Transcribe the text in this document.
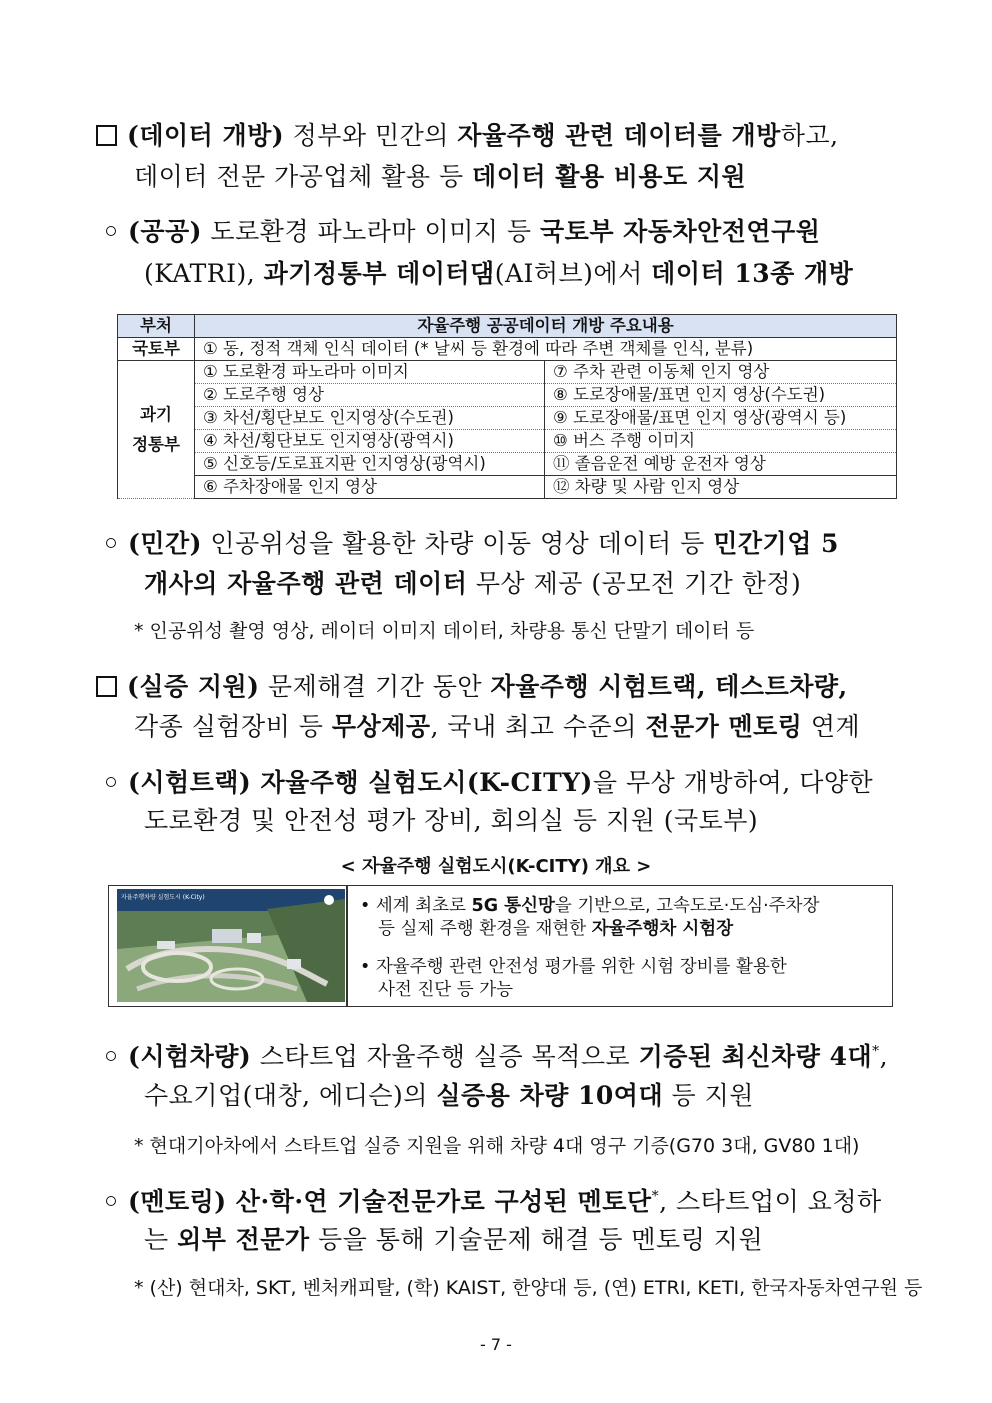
(데이터 개방) 정부와 민간의 자율주행 관련 데이터를 개방하고,
데이터 전문 가공업체 활용 등 데이터 활용 비용도 지원
(공공) 도로환경 파노라마 이미지 등 국토부 자동차안전연구원
(KATRI), 과기정통부 데이터댐(AI허브)에서 데이터 13종 개방
부처	자율주행 공공데이터 개방 주요내용	
국토부	① 동, 정적 객체 인식 데이터 (* 날씨 등 환경에 따라 주변 객체를 인식, 분류)	
과기
정통부	① 도로환경 파노라마 이미지	⑦ 주차 관련 이동체 인지 영상
	② 도로주행 영상	⑧ 도로장애물/표면 인지 영상(수도권)
	③ 차선/횡단보도 인지영상(수도권)	⑨ 도로장애물/표면 인지 영상(광역시 등)
	④ 차선/횡단보도 인지영상(광역시)	⑩ 버스 주행 이미지
	⑤ 신호등/도로표지판 인지영상(광역시)	⑪ 졸음운전 예방 운전자 영상
	⑥ 주차장애물 인지 영상	⑫ 차량 및 사람 인지 영상
(민간) 인공위성을 활용한 차량 이동 영상 데이터 등 민간기업 5
개사의 자율주행 관련 데이터 무상 제공 (공모전 기간 한정)
* 인공위성 촬영 영상, 레이더 이미지 데이터, 차량용 통신 단말기 데이터 등
(실증 지원) 문제해결 기간 동안 자율주행 시험트랙, 테스트차량,
각종 실험장비 등 무상제공, 국내 최고 수준의 전문가 멘토링 연계
(시험트랙) 자율주행 실험도시(K-CITY)을 무상 개방하여, 다양한
도로환경 및 안전성 평가 장비, 회의실 등 지원 (국토부)
< 자율주행 실험도시(K-CITY) 개요 >
자율주행차량 실험도시 (K-City)	• 세계 최초로 5G 통신망을 기반으로, 고속도로·도심·주차장
등 실제 주행 환경을 재현한 자율주행차 시험장
• 자율주행 관련 안전성 평가를 위한 시험 장비를 활용한
사전 진단 등 가능
(시험차량) 스타트업 자율주행 실증 목적으로 기증된 최신차량 4대*,
수요기업(대창, 에디슨)의 실증용 차량 10여대 등 지원
* 현대기아차에서 스타트업 실증 지원을 위해 차량 4대 영구 기증(G70 3대, GV80 1대)
(멘토링) 산·학·연 기술전문가로 구성된 멘토단*, 스타트업이 요청하
는 외부 전문가 등을 통해 기술문제 해결 등 멘토링 지원
* (산) 현대차, SKT, 벤처캐피탈, (학) KAIST, 한양대 등, (연) ETRI, KETI, 한국자동차연구원 등
- 7 -
